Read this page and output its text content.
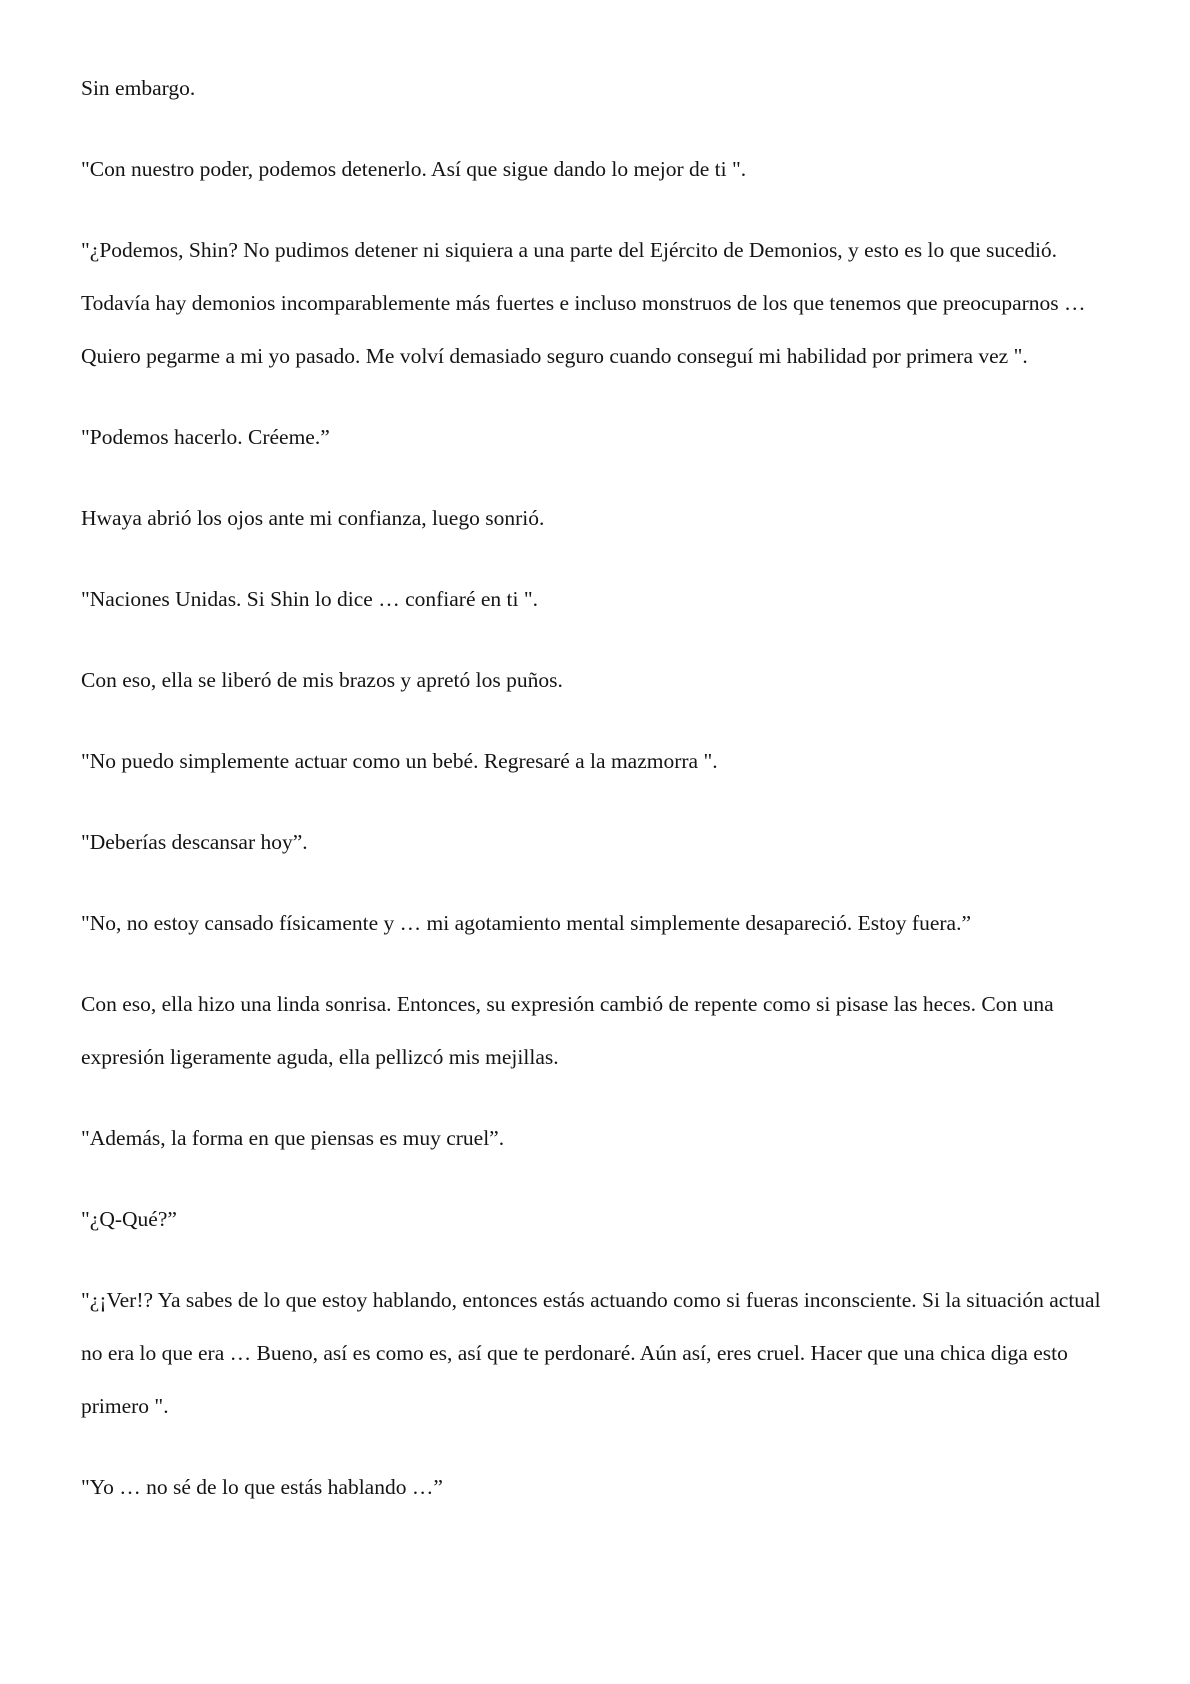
Sin embargo.

"Con nuestro poder, podemos detenerlo. Así que sigue dando lo mejor de ti ".

"¿Podemos, Shin? No pudimos detener ni siquiera a una parte del Ejército de Demonios, y esto es lo que sucedió. Todavía hay demonios incomparablemente más fuertes e incluso monstruos de los que tenemos que preocuparnos … Quiero pegarme a mi yo pasado. Me volví demasiado seguro cuando conseguí mi habilidad por primera vez ".

"Podemos hacerlo. Créeme.”

Hwaya abrió los ojos ante mi confianza, luego sonrió.

"Naciones Unidas. Si Shin lo dice … confiaré en ti ".

Con eso, ella se liberó de mis brazos y apretó los puños.

"No puedo simplemente actuar como un bebé. Regresaré a la mazmorra ".

"Deberías descansar hoy”.

"No, no estoy cansado físicamente y … mi agotamiento mental simplemente desapareció. Estoy fuera.”

Con eso, ella hizo una linda sonrisa. Entonces, su expresión cambió de repente como si pisase las heces. Con una expresión ligeramente aguda, ella pellizcó mis mejillas.

"Además, la forma en que piensas es muy cruel”.

"¿Q-Qué?”

"¿¡Ver!? Ya sabes de lo que estoy hablando, entonces estás actuando como si fueras inconsciente. Si la situación actual no era lo que era … Bueno, así es como es, así que te perdonaré. Aún así, eres cruel. Hacer que una chica diga esto primero ".

"Yo … no sé de lo que estás hablando …”
